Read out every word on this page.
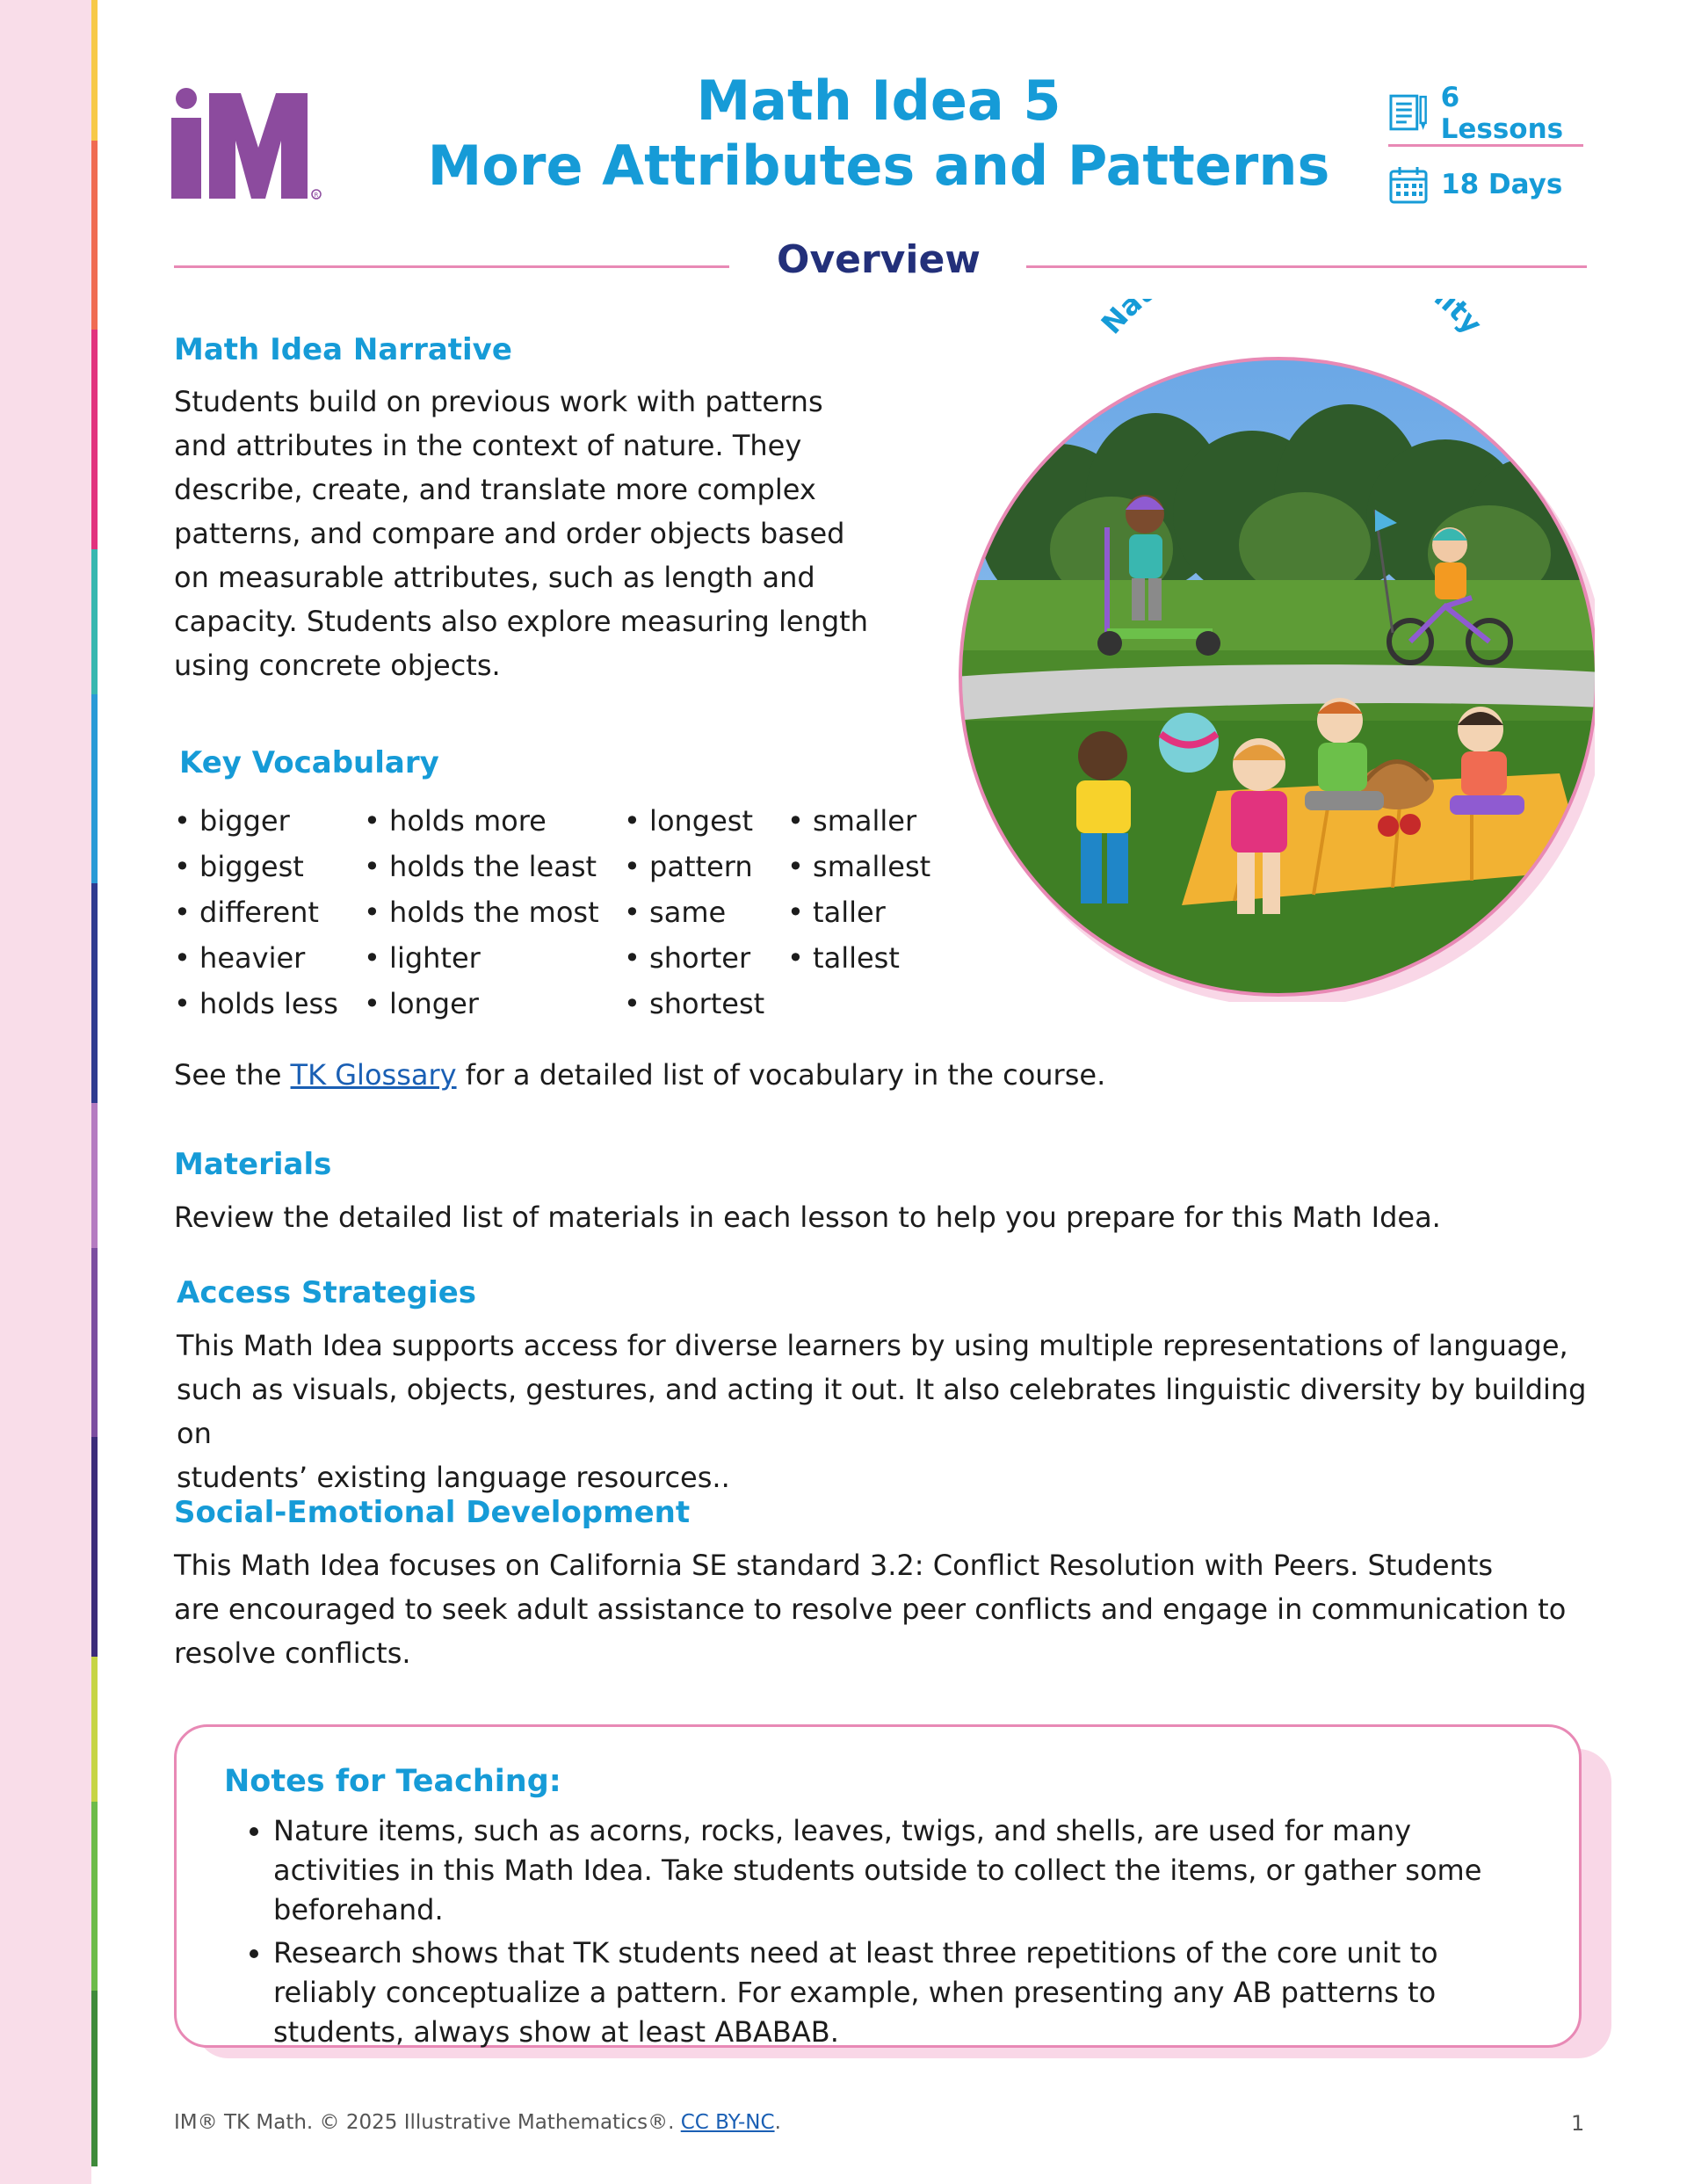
R
Math Idea 5
More Attributes and Patterns
6 Lessons
18 Days
Overview
Math Idea Narrative

Students build on previous work with patterns
and attributes in the context of nature. They
describe, create, and translate more complex
patterns, and compare and order objects based
on measurable attributes, such as length and
capacity. Students also explore measuring length
using concrete objects.

Na ity
Key Vocabulary
• bigger
• biggest
• different
• heavier
• holds less
• holds more
• holds the least
• holds the most
• lighter
• longer
• longest
• pattern
• same
• shorter
• shortest
• smaller
• smallest
• taller
• tallest

See the TK Glossary for a detailed list of vocabulary in the course.

Materials

Review the detailed list of materials in each lesson to help you prepare for this Math Idea.

Access Strategies

This Math Idea supports access for diverse learners by using multiple representations of language,
such as visuals, objects, gestures, and acting it out. It also celebrates linguistic diversity by building on
students’ existing language resources..

Social-Emotional Development

This Math Idea focuses on California SE standard 3.2: Conflict Resolution with Peers. Students
are encouraged to seek adult assistance to resolve peer conflicts and engage in communication to
resolve conflicts.

Notes for Teaching:
• Nature items, such as acorns, rocks, leaves, twigs, and shells, are used for many activities in this Math Idea. Take students outside to collect the items, or gather some beforehand.
• Research shows that TK students need at least three repetitions of the core unit to reliably conceptualize a pattern. For example, when presenting any AB patterns to students, always show at least ABABAB.
IM® TK Math. © 2025 Illustrative Mathematics®. CC BY-NC.	1
